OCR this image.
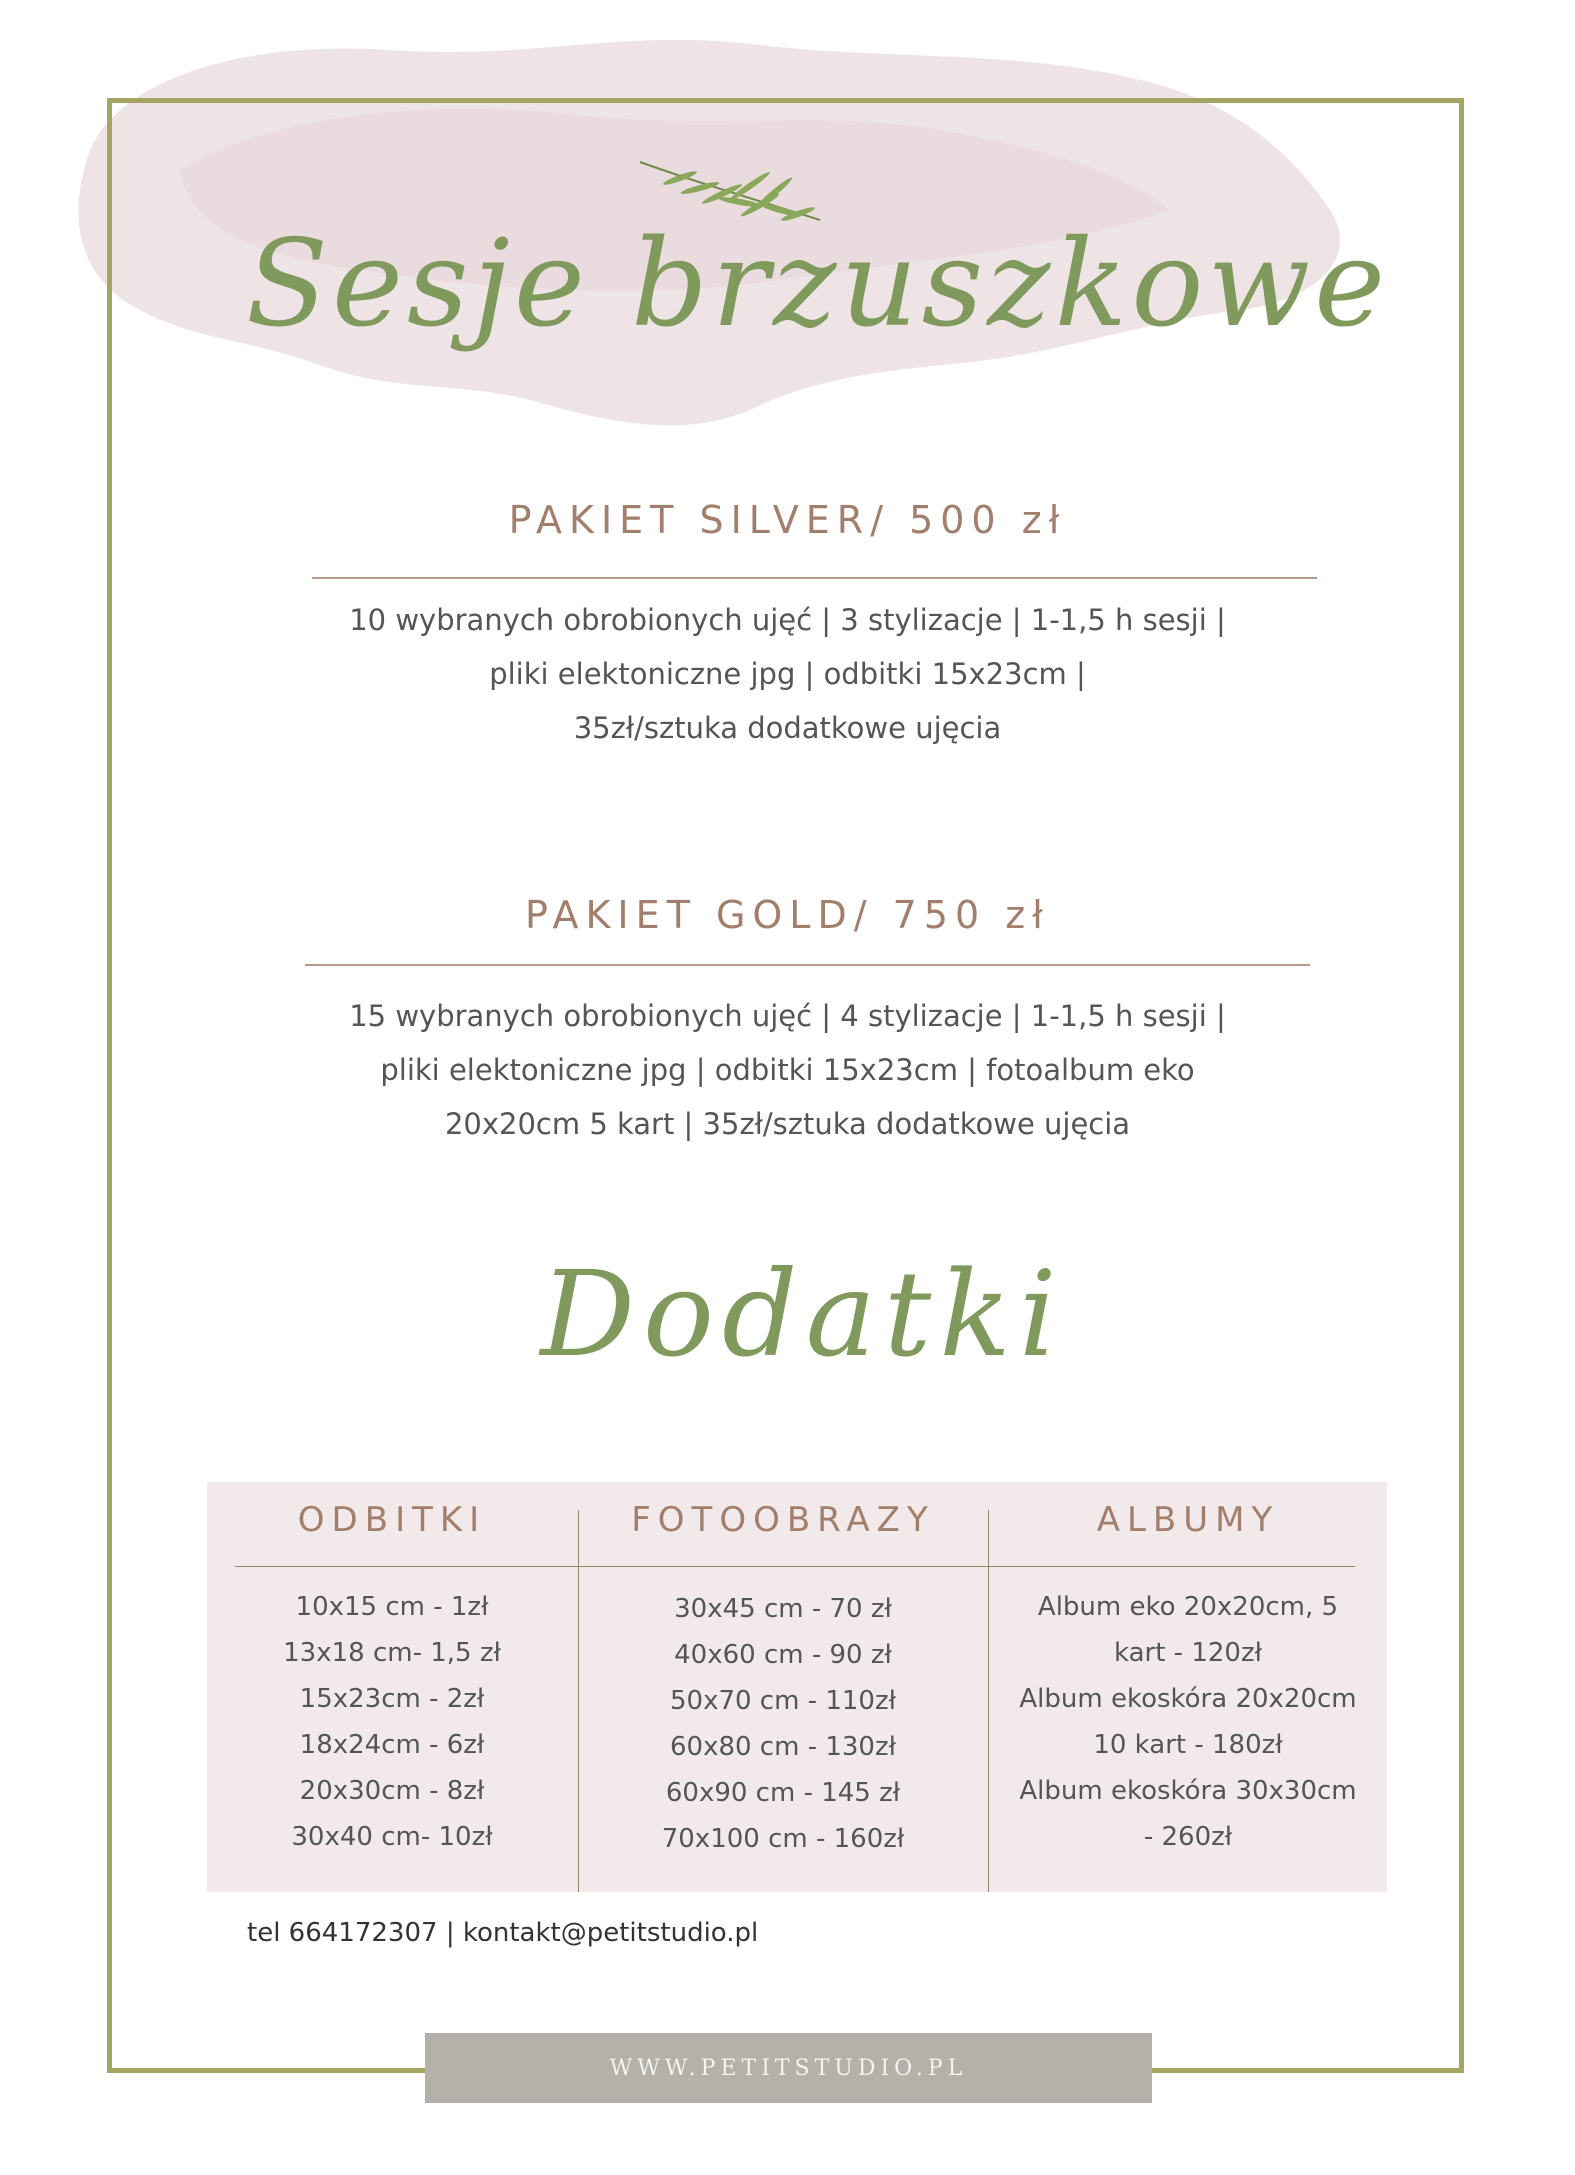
Sesje brzuszkowe
PAKIET SILVER/ 500 zł
10 wybranych obrobionych ujęć | 3 stylizacje | 1-1,5 h sesji |
pliki elektoniczne jpg | odbitki 15x23cm |
35zł/sztuka dodatkowe ujęcia
PAKIET GOLD/ 750 zł
15 wybranych obrobionych ujęć | 4 stylizacje | 1-1,5 h sesji |
pliki elektoniczne jpg | odbitki 15x23cm | fotoalbum eko
20x20cm 5 kart | 35zł/sztuka dodatkowe ujęcia
Dodatki
ODBITKI	FOTOOBRAZY	ALBUMY
10x15 cm - 1zł
13x18 cm- 1,5 zł
15x23cm - 2zł
18x24cm - 6zł
20x30cm - 8zł
30x40 cm- 10zł
30x45 cm - 70 zł
40x60 cm - 90 zł
50x70 cm - 110zł
60x80 cm - 130zł
60x90 cm - 145 zł
70x100 cm - 160zł
Album eko 20x20cm, 5
kart - 120zł
Album ekoskóra 20x20cm
10 kart - 180zł
Album ekoskóra 30x30cm
- 260zł
tel 664172307 | kontakt@petitstudio.pl
WWW.PETITSTUDIO.PL
